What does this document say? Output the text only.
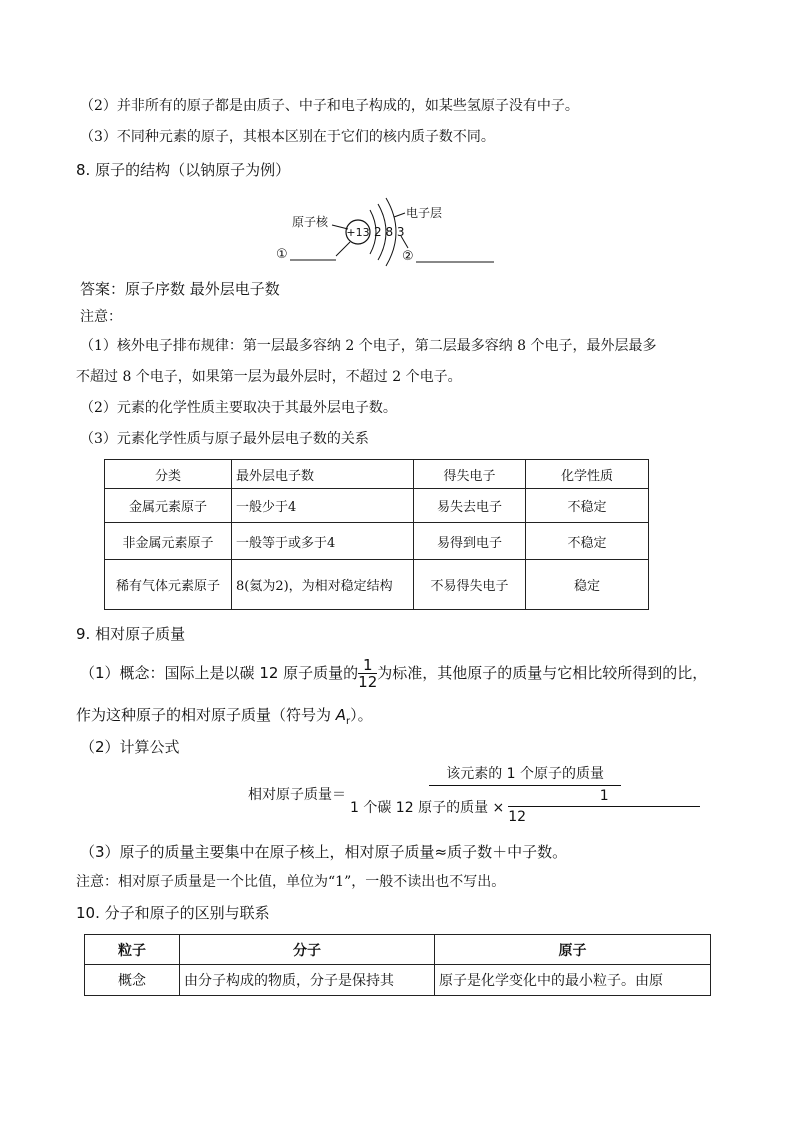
（2）并非所有的原子都是由质子、中子和电子构成的，如某些氢原子没有中子。
（3）不同种元素的原子，其根本区别在于它们的核内质子数不同。
8. 原子的结构（以钠原子为例）
原子核
+13 2 8 3
电子层
①	②
答案：原子序数 最外层电子数
注意：
（1）核外电子排布规律：第一层最多容纳 2 个电子，第二层最多容纳 8 个电子，最外层最多
不超过 8 个电子，如果第一层为最外层时，不超过 2 个电子。
（2）元素的化学性质主要取决于其最外层电子数。
（3）元素化学性质与原子最外层电子数的关系
分类	最外层电子数	得失电子	化学性质
金属元素原子	一般少于4	易失去电子	不稳定
非金属元素原子	一般等于或多于4	易得到电子	不稳定
稀有气体元素原子	8(氦为2)，为相对稳定结构	不易得失电子	稳定
9. 相对原子质量
（1）概念：国际上是以碳 12 原子质量的 $\frac{1}{12}$ 为标准，其他原子的质量与它相比较所得到的比，
作为这种原子的相对原子质量（符号为 $A_r$）。
（2）计算公式
相对原子质量＝ $\frac{\text{该元素的 1 个原子的质量}}{1 个碳 12 原子的质量 \times \frac{1}{12}}$
（3）原子的质量主要集中在原子核上，相对原子质量≈质子数＋中子数。
注意：相对原子质量是一个比值，单位为“1”，一般不读出也不写出。
10. 分子和原子的区别与联系
粒子	分子	原子
概念	由分子构成的物质，分子是保持其	原子是化学变化中的最小粒子。由原
